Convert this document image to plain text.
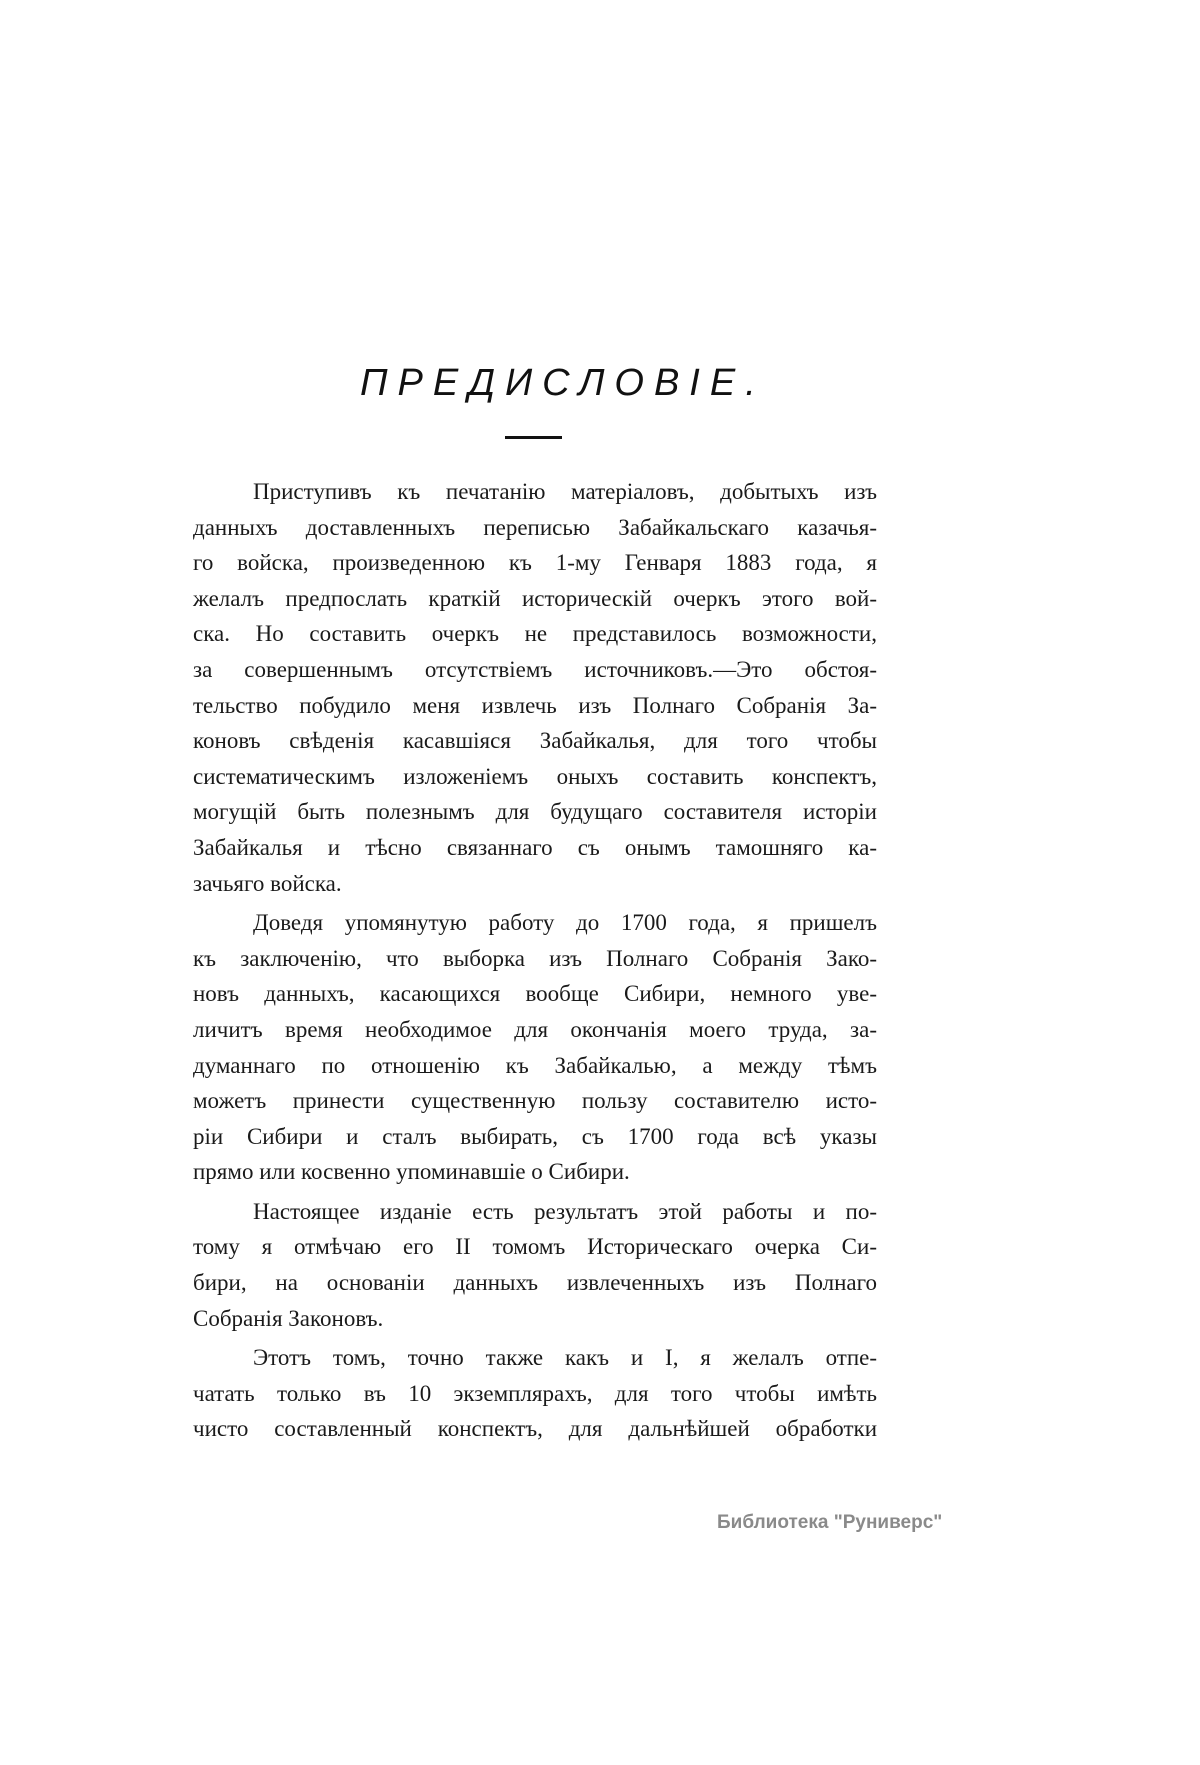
ПРЕДИСЛОВІЕ.
Приступивъ къ печатанію матеріаловъ, добытыхъ изъ
данныхъ доставленныхъ переписью Забайкальскаго казачья-
го войска, произведенною къ 1-му Генваря 1883 года, я
желалъ предпослать краткій историческій очеркъ этого вой-
ска. Но составить очеркъ не представилось возможности,
за совершеннымъ отсутствіемъ источниковъ.—Это обстоя-
тельство побудило меня извлечь изъ Полнаго Собранія За-
коновъ свѣденія касавшіяся Забайкалья, для того чтобы
систематическимъ изложеніемъ оныхъ составить конспектъ,
могущій быть полезнымъ для будущаго составителя исторіи
Забайкалья и тѣсно связаннаго съ онымъ тамошняго ка-
зачьяго войска.
Доведя упомянутую работу до 1700 года, я пришелъ
къ заключенію, что выборка изъ Полнаго Собранія Зако-
новъ данныхъ, касающихся вообще Сибири, немного уве-
личитъ время необходимое для окончанія моего труда, за-
думаннаго по отношенію къ Забайкалью, а между тѣмъ
можетъ принести существенную пользу составителю исто-
ріи Сибири и сталъ выбирать, съ 1700 года всѣ указы
прямо или косвенно упоминавшіе о Сибири.
Настоящее изданіе есть результатъ этой работы и по-
тому я отмѣчаю его II томомъ Историческаго очерка Си-
бири, на основаніи данныхъ извлеченныхъ изъ Полнаго
Собранія Законовъ.
Этотъ томъ, точно также какъ и I, я желалъ отпе-
чатать только въ 10 экземплярахъ, для того чтобы имѣть
чисто составленный конспектъ, для дальнѣйшей обработки
Библиотека "Руниверс"
